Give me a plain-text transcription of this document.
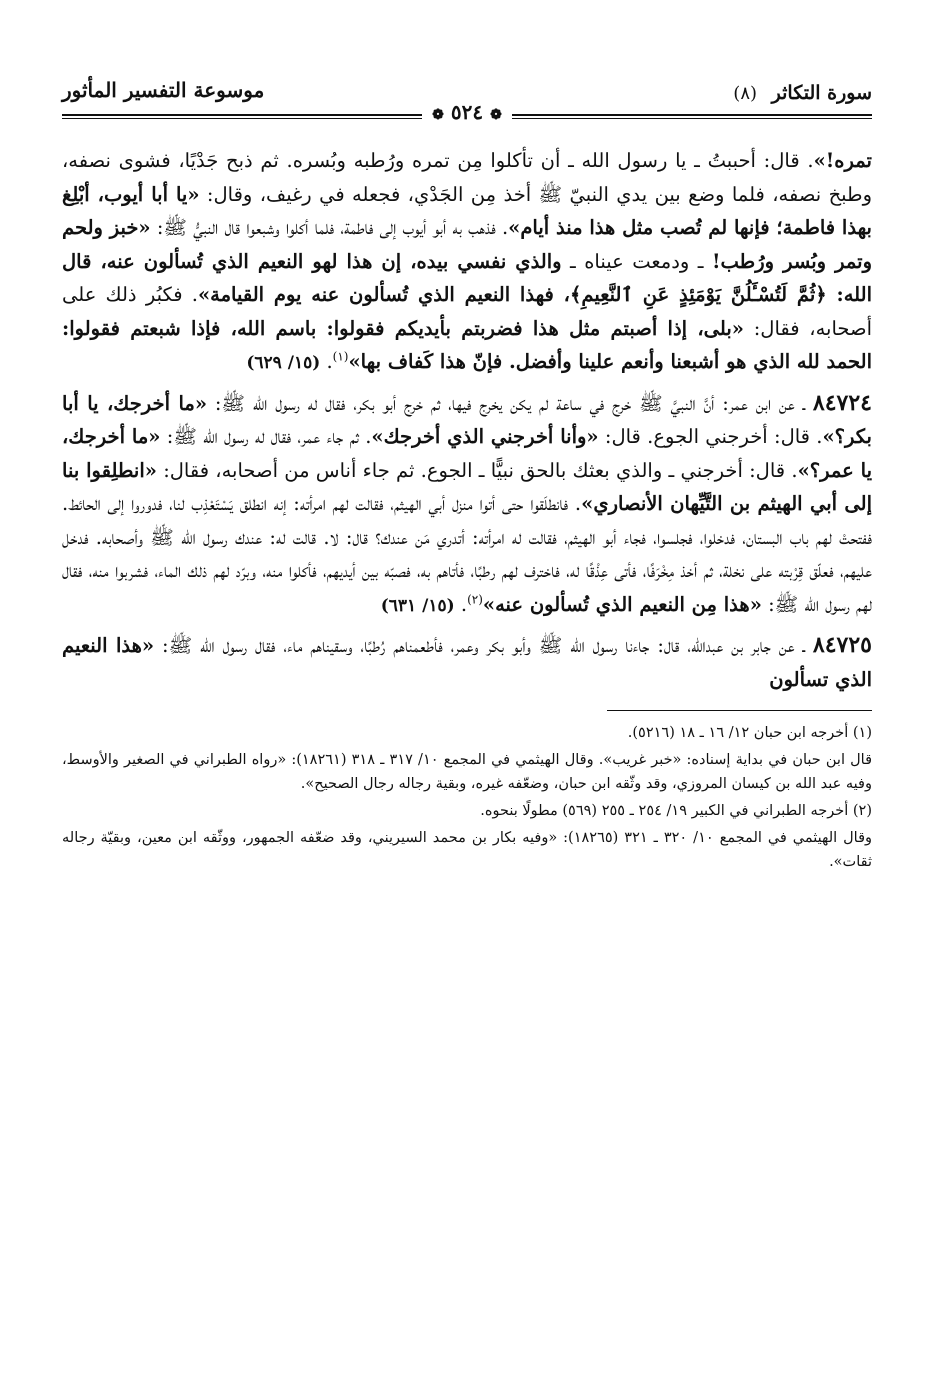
سورة التكاثر (٨)
موسوعة التفسير المأثور
❁ ٥٢٤ ❁

تمره!». قال: أحببتُ ـ يا رسول الله ـ أن تأكلوا مِن تمره ورُطبه وبُسره. ثم ذبح جَدْيًا، فشوى نصفه، وطبخ نصفه، فلما وضع بين يدي النبيّ ﷺ أخذ مِن الجَدْي، فجعله في رغيف، وقال: «يا أبا أيوب، أبْلِغ بهذا فاطمة؛ فإنها لم تُصب مثل هذا منذ أيام». فذهب به أبو أيوب إلى فاطمة، فلما أكلوا وشبعوا قال النبيُّ ﷺ: «خبز ولحم وتمر وبُسر ورُطب! ـ ودمعت عيناه ـ والذي نفسي بيده، إن هذا لهو النعيم الذي تُسألون عنه، قال الله: ﴿ثُمَّ لَتُسْـَٔلُنَّ يَوْمَئِذٍ عَنِ ٱلنَّعِيمِ﴾، فهذا النعيم الذي تُسألون عنه يوم القيامة». فكبُر ذلك على أصحابه، فقال: «بلى، إذا أصبتم مثل هذا فضربتم بأيديكم فقولوا: باسم الله، فإذا شبعتم فقولوا: الحمد لله الذي هو أشبعنا وأنعم علينا وأفضل. فإنّ هذا كَفاف بها»$^{(١)}$. (١٥/ ٦٢٩)

٨٤٧٢٤ ـ عن ابن عمر: أنَّ النبيَّ ﷺ خرج في ساعة لم يكن يخرج فيها، ثم خرج أبو بكر، فقال له رسول الله ﷺ: «ما أخرجك، يا أبا بكر؟». قال: أخرجني الجوع. قال: «وأنا أخرجني الذي أخرجك». ثم جاء عمر، فقال له رسول الله ﷺ: «ما أخرجك، يا عمر؟». قال: أخرجني ـ والذي بعثك بالحق نبيًّا ـ الجوع. ثم جاء أناس من أصحابه، فقال: «انطلِقوا بنا إلى أبي الهيثم بن التَّيِّهان الأنصاري». فانطلَقوا حتى أتوا منزل أبي الهيثم، فقالت لهم امرأته: إنه انطلق يَسْتَعْذِب لنا، فدوروا إلى الحائط. ففتحتْ لهم باب البستان، فدخلوا، فجلسوا، فجاء أبو الهيثم، فقالت له امرأته: أتدري مَن عندك؟ قال: لا. قالت له: عندك رسول الله ﷺ وأصحابه. فدخل عليهم، فعلّق قِرْبته على نخلة، ثم أخذ مِخْرَفًا، فأتى عِذْقًا له، فاخترف لهم رطبًا، فأتاهم به، فصبّه بين أيديهم، فأكلوا منه، وبرّد لهم ذلك الماء، فشربوا منه، فقال لهم رسول الله ﷺ: «هذا مِن النعيم الذي تُسألون عنه»$^{(٢)}$. (١٥/ ٦٣١)

٨٤٧٢٥ ـ عن جابر بن عبدالله، قال: جاءنا رسول الله ﷺ وأبو بكر وعمر، فأطعمناهم رُطبًا، وسقيناهم ماء، فقال رسول الله ﷺ: «هذا النعيم الذي تسألون

(١) أخرجه ابن حبان ١٢/ ١٦ ـ ١٨ (٥٢١٦).

قال ابن حبان في بداية إسناده: «خبر غريب». وقال الهيثمي في المجمع ١٠/ ٣١٧ ـ ٣١٨ (١٨٢٦١): «رواه الطبراني في الصغير والأوسط، وفيه عبد الله بن كيسان المروزي، وقد وثّقه ابن حبان، وضعّفه غيره، وبقية رجاله رجال الصحيح».

(٢) أخرجه الطبراني في الكبير ١٩/ ٢٥٤ ـ ٢٥٥ (٥٦٩) مطولًا بنحوه.

وقال الهيثمي في المجمع ١٠/ ٣٢٠ ـ ٣٢١ (١٨٢٦٥): «وفيه بكار بن محمد السيريني، وقد ضعّفه الجمهور، ووثّقه ابن معين، وبقيّة رجاله ثقات».
